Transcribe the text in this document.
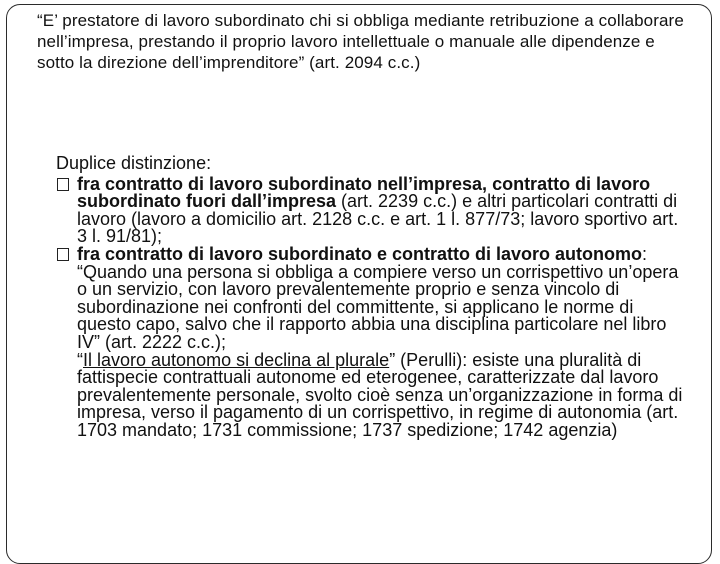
“E’ prestatore di lavoro subordinato chi si obbliga mediante retribuzione a collaborare nell’impresa, prestando il proprio lavoro intellettuale o manuale alle dipendenze e sotto la direzione dell’imprenditore” (art. 2094 c.c.)
Duplice distinzione:
fra contratto di lavoro subordinato nell’impresa, contratto di lavoro subordinato fuori dall’impresa (art. 2239 c.c.) e altri particolari contratti di lavoro (lavoro a domicilio art. 2128 c.c. e art. 1 l. 877/73; lavoro sportivo art. 3 l. 91/81);
fra contratto di lavoro subordinato e contratto di lavoro autonomo: “Quando una persona si obbliga a compiere verso un corrispettivo un’opera o un servizio, con lavoro prevalentemente proprio e senza vincolo di subordinazione nei confronti del committente, si applicano le norme di questo capo, salvo che il rapporto abbia una disciplina particolare nel libro IV” (art. 2222 c.c.);
“Il lavoro autonomo si declina al plurale” (Perulli): esiste una pluralità di fattispecie contrattuali autonome ed eterogenee, caratterizzate dal lavoro prevalentemente personale, svolto cioè senza un’organizzazione in forma di impresa, verso il pagamento di un corrispettivo, in regime di autonomia (art. 1703 mandato; 1731 commissione; 1737 spedizione; 1742 agenzia)
